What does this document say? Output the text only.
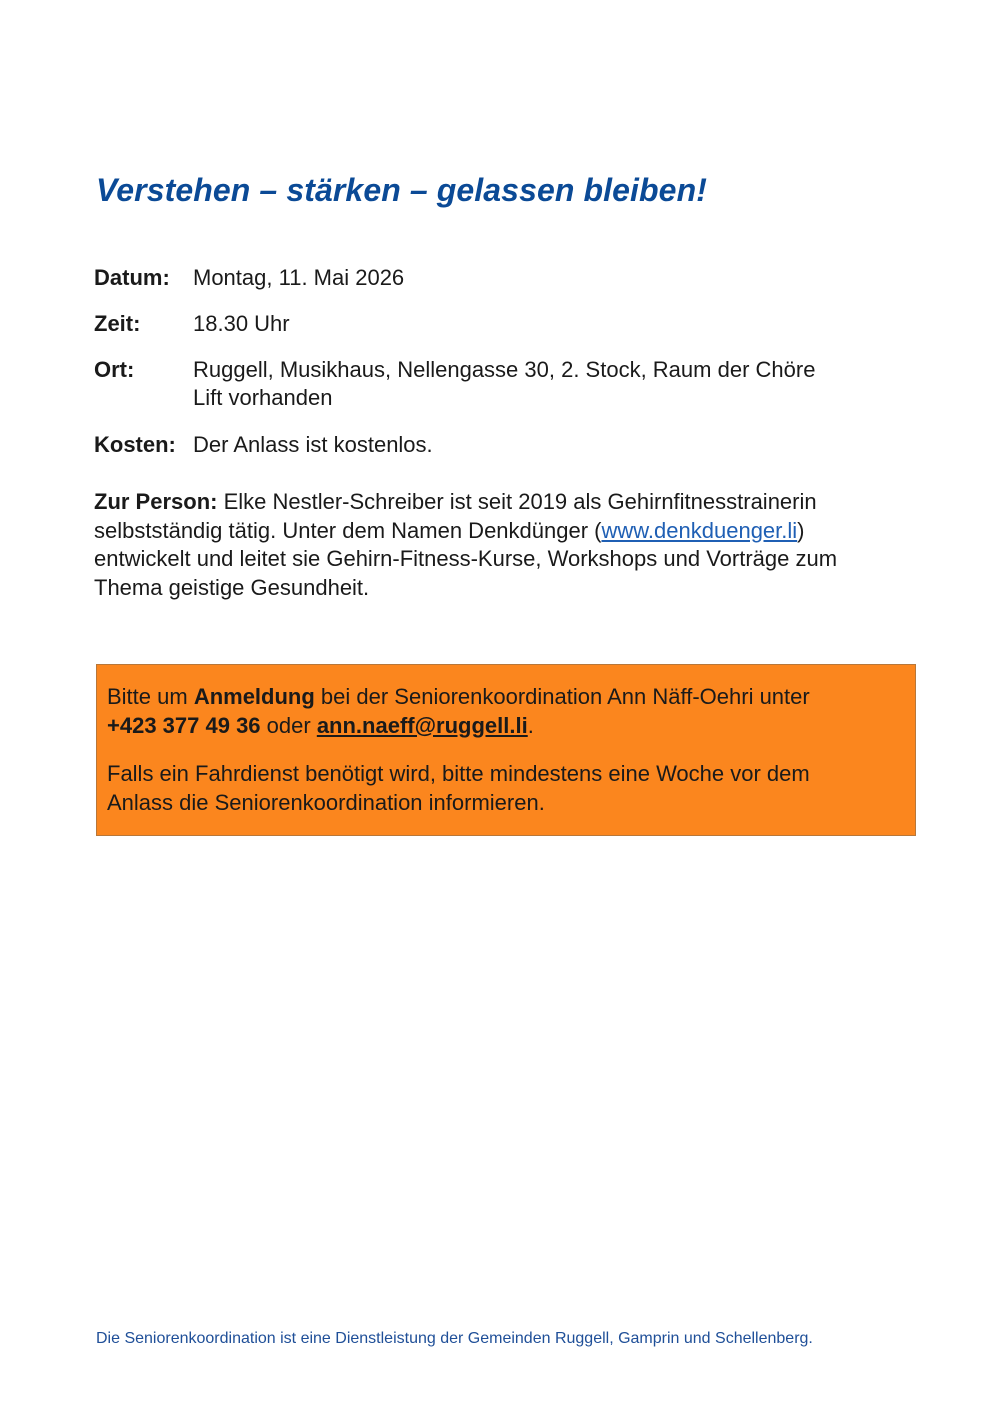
Verstehen – stärken – gelassen bleiben!
Datum: Montag, 11. Mai 2026
Zeit: 18.30 Uhr
Ort:	Ruggell, Musikhaus, Nellengasse 30, 2. Stock, Raum der Chöre
Lift vorhanden
Kosten: Der Anlass ist kostenlos.
Zur Person: Elke Nestler-Schreiber ist seit 2019 als Gehirnfitnesstrainerin
selbstständig tätig. Unter dem Namen Denkdünger (www.denkduenger.li)
entwickelt und leitet sie Gehirn-Fitness-Kurse, Workshops und Vorträge zum
Thema geistige Gesundheit.
Bitte um Anmeldung bei der Seniorenkoordination Ann Näff-Oehri unter
+423 377 49 36 oder ann.naeff@ruggell.li.
Falls ein Fahrdienst benötigt wird, bitte mindestens eine Woche vor dem
Anlass die Seniorenkoordination informieren.
Die Seniorenkoordination ist eine Dienstleistung der Gemeinden Ruggell, Gamprin und Schellenberg.
